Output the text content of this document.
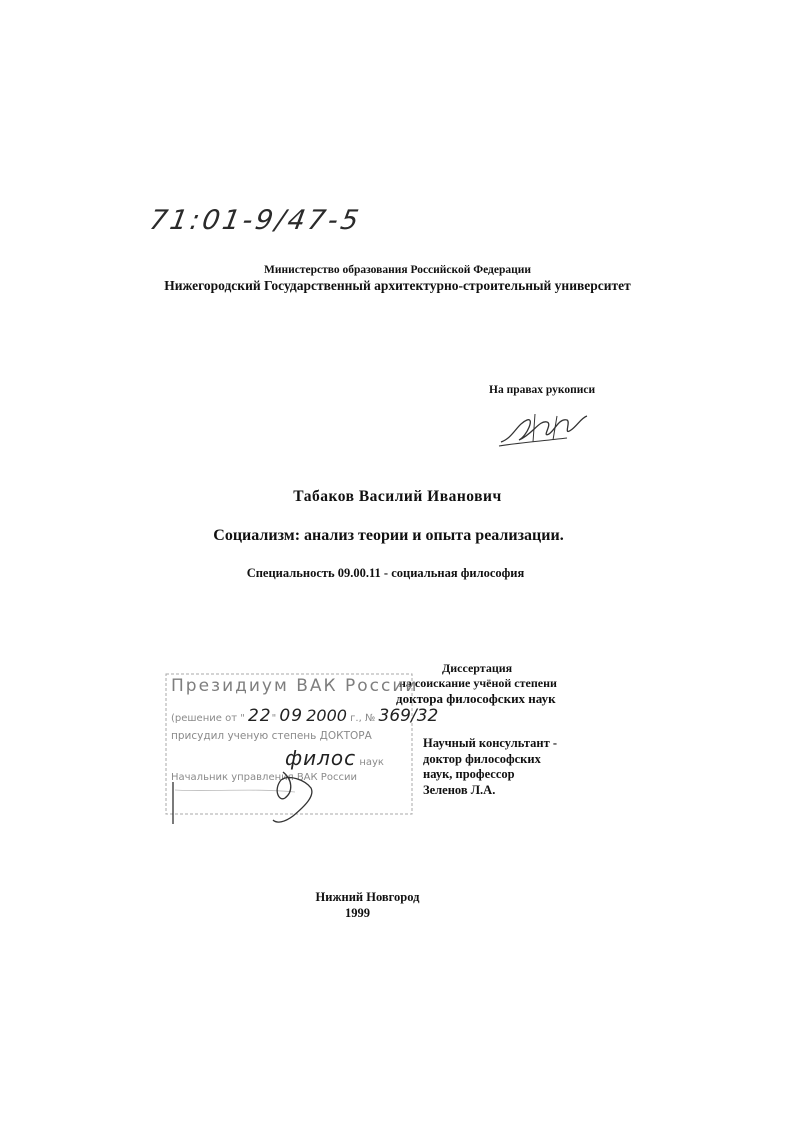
71:01-9/47-5
Министерство образования Российской Федерации
Нижегородский Государственный архитектурно-строительный университет
На правах рукописи
Табаков Василий Иванович
Социализм: анализ теории и опыта реализации.
Специальность 09.00.11 - социальная философия
Диссертация
на соискание учёной степени
доктора философских наук
Президиум ВАК России
(решение от " 22" 09 2000 г., № 369/32
присудил ученую степень ДОКТОРА
филос наук
Начальник управления ВАК России
Научный консультант -
доктор философских
наук, профессор
Зеленов Л.А.
Нижний Новгород
1999
